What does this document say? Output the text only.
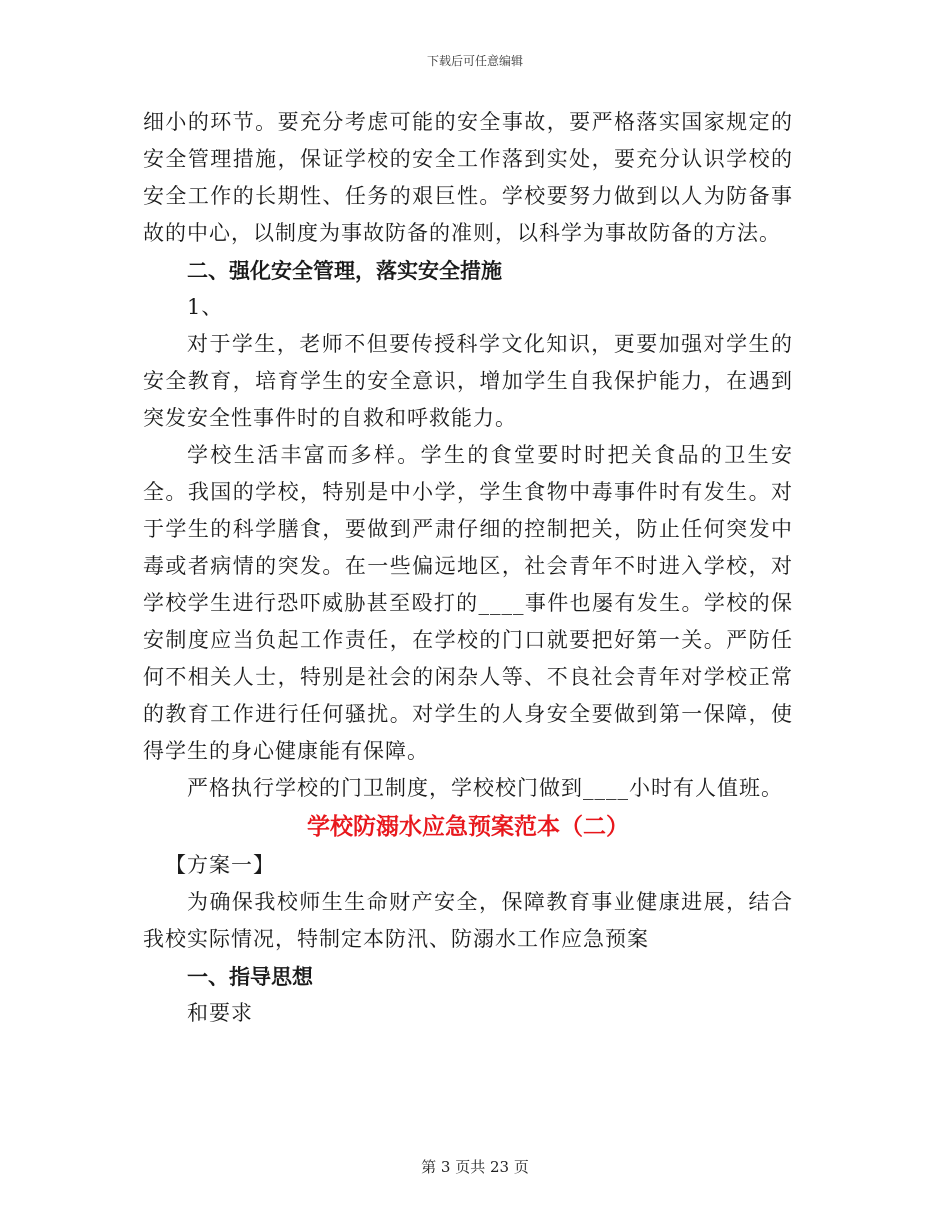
下载后可任意编辑

细小的环节。要充分考虑可能的安全事故，要严格落实国家规定的安全管理措施，保证学校的安全工作落到实处，要充分认识学校的安全工作的长期性、任务的艰巨性。学校要努力做到以人为防备事故的中心，以制度为事故防备的准则，以科学为事故防备的方法。

二、强化安全管理，落实安全措施

1、

对于学生，老师不但要传授科学文化知识，更要加强对学生的安全教育，培育学生的安全意识，增加学生自我保护能力，在遇到突发安全性事件时的自救和呼救能力。

学校生活丰富而多样。学生的食堂要时时把关食品的卫生安全。我国的学校，特别是中小学，学生食物中毒事件时有发生。对于学生的科学膳食，要做到严肃仔细的控制把关，防止任何突发中毒或者病情的突发。在一些偏远地区，社会青年不时进入学校，对学校学生进行恐吓威胁甚至殴打的____事件也屡有发生。学校的保安制度应当负起工作责任，在学校的门口就要把好第一关。严防任何不相关人士，特别是社会的闲杂人等、不良社会青年对学校正常的教育工作进行任何骚扰。对学生的人身安全要做到第一保障，使得学生的身心健康能有保障。

严格执行学校的门卫制度，学校校门做到____小时有人值班。

学校防溺水应急预案范本（二）

【方案一】

为确保我校师生生命财产安全，保障教育事业健康进展，结合我校实际情况，特制定本防汛、防溺水工作应急预案

一、指导思想

和要求

第 3 页共 23 页
